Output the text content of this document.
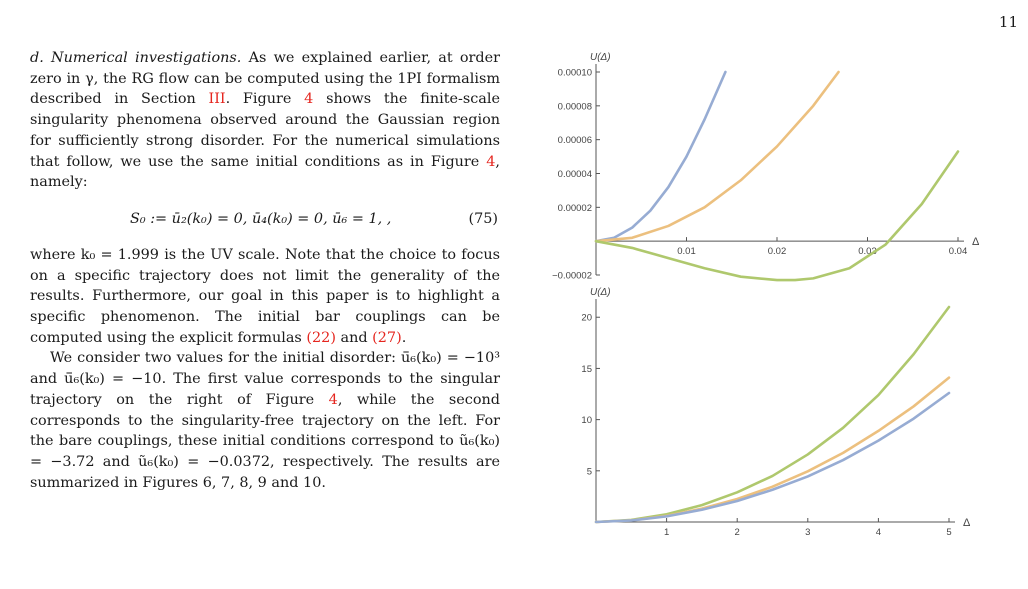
11

d. Numerical investigations. As we explained earlier, at order zero in γ, the RG flow can be computed using the 1PI formalism described in Section III. Figure 4 shows the finite-scale singularity phenomena observed around the Gaussian region for sufficiently strong disorder. For the numerical simulations that follow, we use the same initial conditions as in Figure 4, namely:

S₀ := ū₂(k₀) = 0, ū₄(k₀) = 0, ū₆ = 1, ,	(75)

where k₀ = 1.999 is the UV scale. Note that the choice to focus on a specific trajectory does not limit the generality of the results. Furthermore, our goal in this paper is to highlight a specific phenomenon. The initial bar couplings can be computed using the explicit formulas (22) and (27).

We consider two values for the initial disorder: ū̄₆(k₀) = −10³ and ū̄₆(k₀) = −10. The first value corresponds to the singular trajectory on the right of Figure 4, while the second corresponds to the singularity-free trajectory on the left. For the bare couplings, these initial conditions correspond to ũ₆(k₀) = −3.72 and ũ₆(k₀) = −0.0372, respectively. The results are summarized in Figures 6, 7, 8, 9 and 10.

U(Δ)
Δ
0.01	0.02	0.03	0.04
−0.00002
0.00002
0.00004
0.00006
0.00008
0.00010
U(Δ)
Δ
1	2	3	4	5
5
10
15
20
